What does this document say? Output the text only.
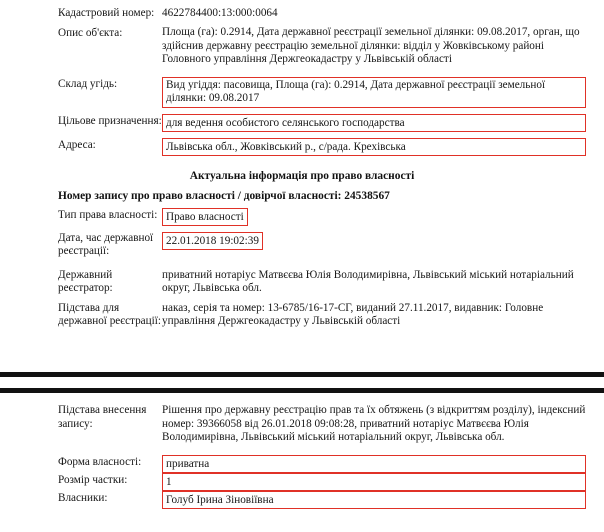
Кадастровий номер: 4622784400:13:000:0064
Опис об'єкта:	Площа (га): 0.2914, Дата державної реєстрації земельної ділянки: 09.08.2017, орган, що здійснив державну реєстрацію земельної ділянки: відділ у Жовківському районі Головного управління Держгеокадастру у Львівській області
Склад угідь:	Вид угіддя: пасовища, Площа (га): 0.2914, Дата державної реєстрації земельної ділянки: 09.08.2017
Цільове призначення: для ведення особистого селянського господарства
Адреса:	Львівська обл., Жовківський р., с/рада. Крехівська
Актуальна інформація про право власності
Номер запису про право власності / довірчої власності: 24538567
Тип права власності: Право власності
Дата, час державної реєстрації:
22.01.2018 19:02:39
Державний реєстратор:
приватний нотаріус Матвєєва Юлія Володимирівна, Львівський міський нотаріальний округ, Львівська обл.
Підстава для державної реєстрації:
наказ, серія та номер: 13-6785/16-17-СГ, виданий 27.11.2017, видавник: Головне управління Держгеокадастру у Львівській області
Підстава внесення запису:
Рішення про державну реєстрацію прав та їх обтяжень (з відкриттям розділу), індексний номер: 39366058 від 26.01.2018 09:08:28, приватний нотаріус Матвєєва Юлія Володимирівна, Львівський міський нотаріальний округ, Львівська обл.
Форма власності:	приватна
Розмір частки:	1
Власники:	Голуб Ірина Зіновіївна
